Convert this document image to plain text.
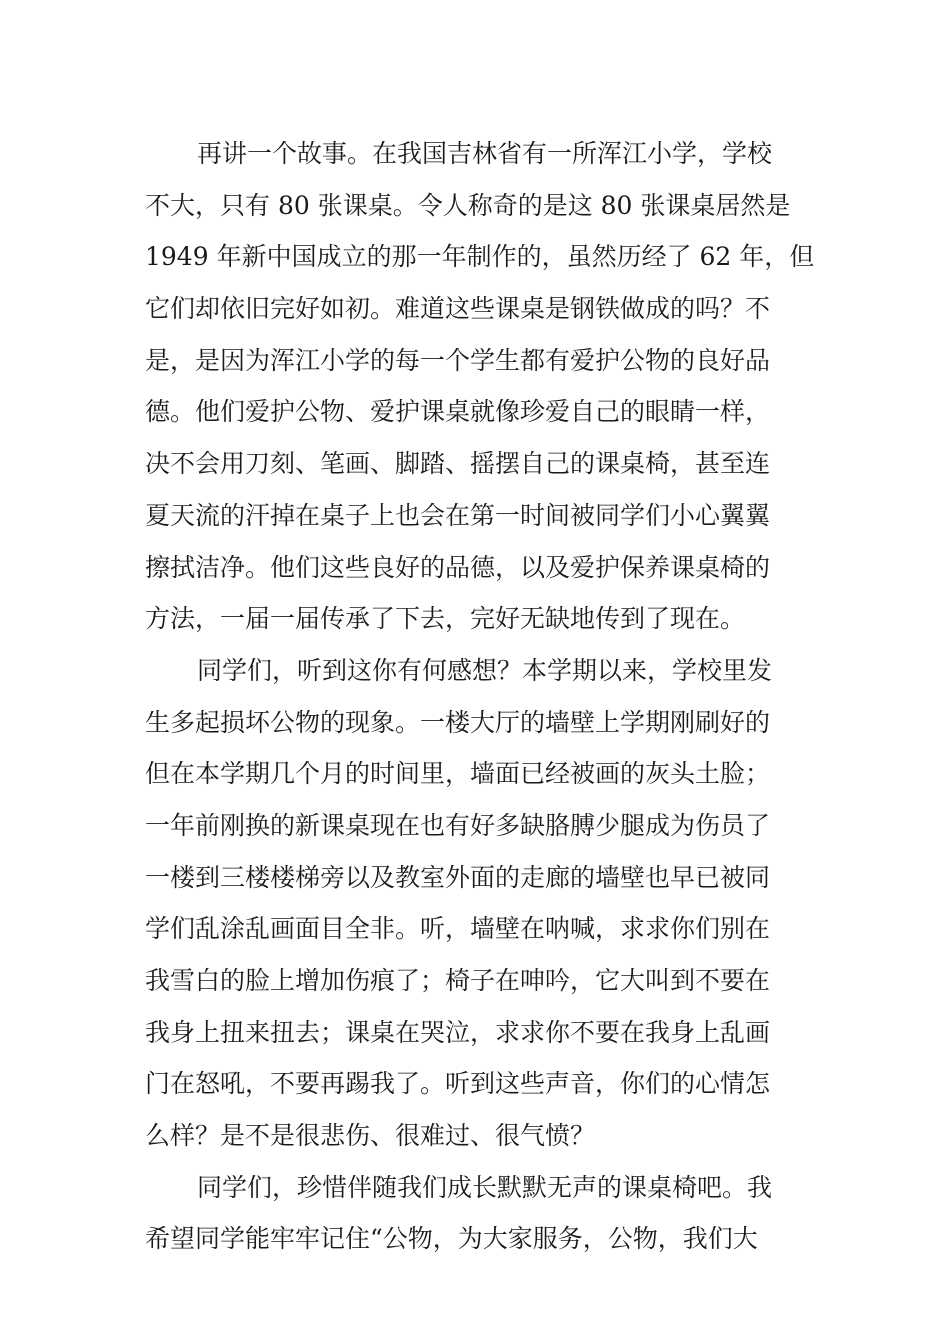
再讲一个故事。在我国吉林省有一所浑江小学，学校
不大，只有 80 张课桌。令人称奇的是这 80 张课桌居然是
1949 年新中国成立的那一年制作的，虽然历经了 62 年，但
它们却依旧完好如初。难道这些课桌是钢铁做成的吗？不
是，是因为浑江小学的每一个学生都有爱护公物的良好品
德。他们爱护公物、爱护课桌就像珍爱自己的眼睛一样，
决不会用刀刻、笔画、脚踏、摇摆自己的课桌椅，甚至连
夏天流的汗掉在桌子上也会在第一时间被同学们小心翼翼
擦拭洁净。他们这些良好的品德，以及爱护保养课桌椅的
方法，一届一届传承了下去，完好无缺地传到了现在。
同学们，听到这你有何感想？本学期以来，学校里发
生多起损坏公物的现象。一楼大厅的墙壁上学期刚刷好的
但在本学期几个月的时间里，墙面已经被画的灰头土脸；
一年前刚换的新课桌现在也有好多缺胳膊少腿成为伤员了
一楼到三楼楼梯旁以及教室外面的走廊的墙壁也早已被同
学们乱涂乱画面目全非。听，墙壁在呐喊，求求你们别在
我雪白的脸上增加伤痕了；椅子在呻吟，它大叫到不要在
我身上扭来扭去；课桌在哭泣，求求你不要在我身上乱画
门在怒吼，不要再踢我了。听到这些声音，你们的心情怎
么样？是不是很悲伤、很难过、很气愤？
同学们，珍惜伴随我们成长默默无声的课桌椅吧。我
希望同学能牢牢记住“公物，为大家服务，公物，我们大
